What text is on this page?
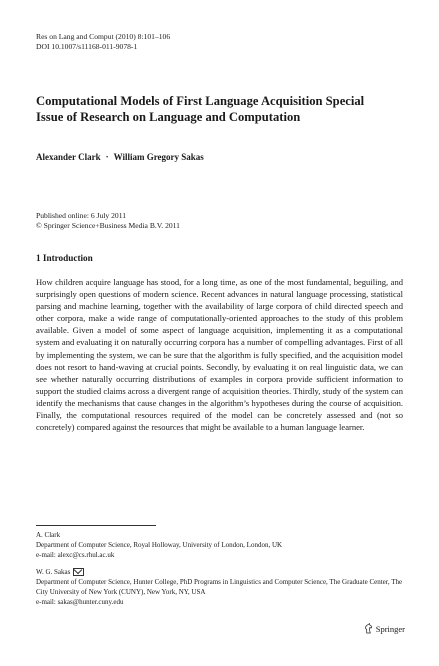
Res on Lang and Comput (2010) 8:101–106
DOI 10.1007/s11168-011-9078-1
Computational Models of First Language Acquisition Special Issue of Research on Language and Computation
Alexander Clark · William Gregory Sakas
Published online: 6 July 2011
© Springer Science+Business Media B.V. 2011
1 Introduction
How children acquire language has stood, for a long time, as one of the most fundamental, beguiling, and surprisingly open questions of modern science. Recent advances in natural language processing, statistical parsing and machine learning, together with the availability of large corpora of child directed speech and other corpora, make a wide range of computationally-oriented approaches to the study of this problem available. Given a model of some aspect of language acquisition, implementing it as a computational system and evaluating it on naturally occurring corpora has a number of compelling advantages. First of all by implementing the system, we can be sure that the algorithm is fully specified, and the acquisition model does not resort to hand-waving at crucial points. Secondly, by evaluating it on real linguistic data, we can see whether naturally occurring distributions of examples in corpora provide sufficient information to support the studied claims across a divergent range of acquisition theories. Thirdly, study of the system can identify the mechanisms that cause changes in the algorithm’s hypotheses during the course of acquisition. Finally, the computational resources required of the model can be concretely assessed and (not so concretely) compared against the resources that might be available to a human language learner.
A. Clark
Department of Computer Science, Royal Holloway, University of London, London, UK
e-mail: alexc@cs.rhul.ac.uk
W. G. Sakas
Department of Computer Science, Hunter College, PhD Programs in Linguistics and Computer Science, The Graduate Center, The City University of New York (CUNY), New York, NY, USA
e-mail: sakas@hunter.cuny.edu
Springer
